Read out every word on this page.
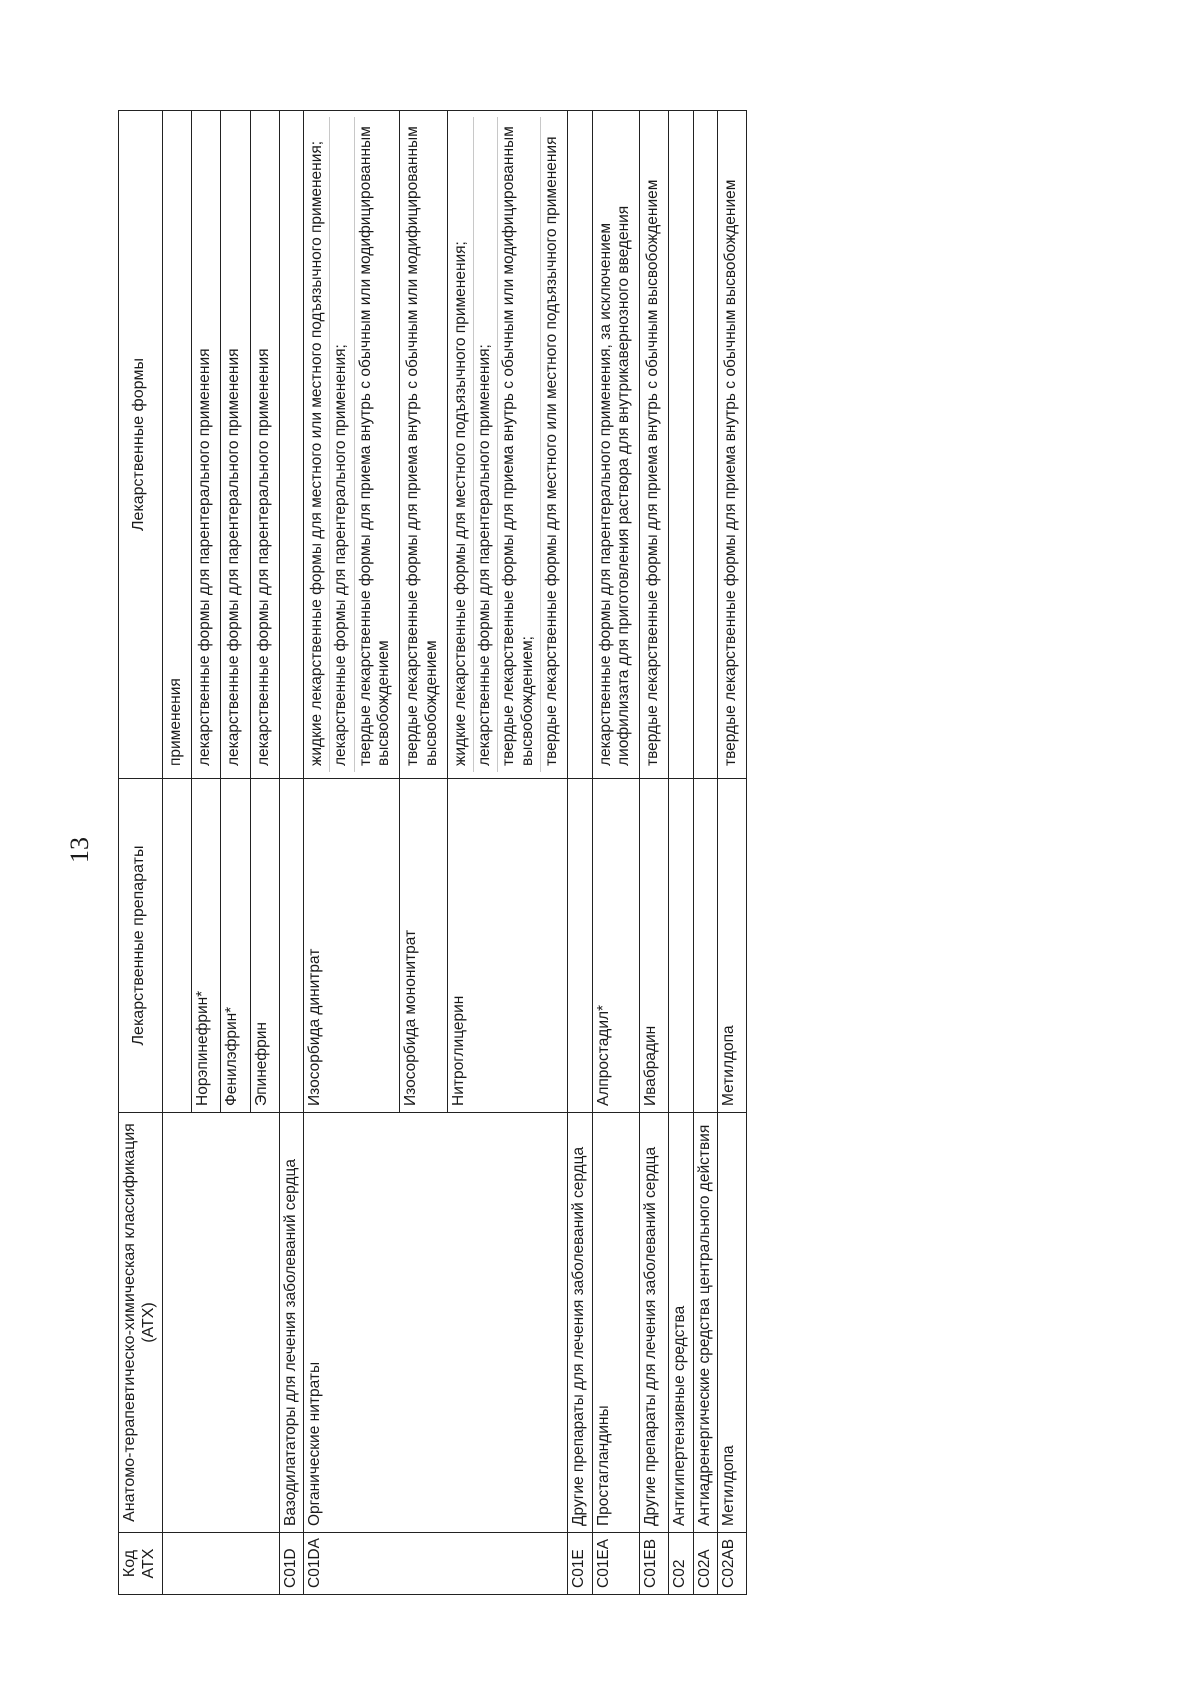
13
Код АТХ	Анатомо-терапевтическо-химическая классификация (АТХ)	Лекарственные препараты	Лекарственные формы

			применения

		Норэпинефрин*	лекарственные формы для парентерального применения

		Фенилэфрин*	лекарственные формы для парентерального применения

		Эпинефрин	лекарственные формы для парентерального применения

C01D	Вазодилататоры для лечения заболеваний сердца		

C01DA	Органические нитраты	Изосорбида динитрат	жидкие лекарственные формы для местного или местного подъязычного применения; лекарственные формы для парентерального применения; твердые лекарственные формы для приема внутрь с обычным или модифицированным высвобождением

		Изосорбида мононитрат	твердые лекарственные формы для приема внутрь с обычным или модифицированным высвобождением

		Нитроглицерин	жидкие лекарственные формы для местного подъязычного применения; лекарственные формы для парентерального применения; твердые лекарственные формы для приема внутрь с обычным или модифицированным высвобождением; твердые лекарственные формы для местного или местного подъязычного применения

C01E	Другие препараты для лечения заболеваний сердца		

C01EA	Простагландины	Алпростадил*	лекарственные формы для парентерального применения, за исключением лиофилизата для приготовления раствора для внутрикавернозного введения

C01EB	Другие препараты для лечения заболеваний сердца	Ивабрадин	твердые лекарственные формы для приема внутрь с обычным высвобождением

C02	Антигипертензивные средства		

C02A	Антиадренергические средства центрального действия		

C02AB	Метилдопа	Метилдопа	твердые лекарственные формы для приема внутрь с обычным высвобождением
